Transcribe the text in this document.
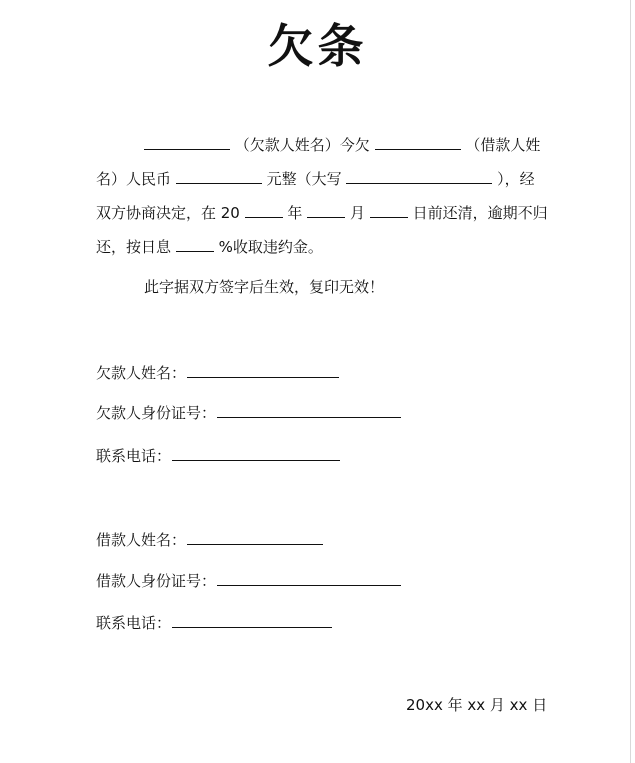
欠条
（欠款人姓名）今欠	（借款人姓
名）人民币	元整（大写	），经
双方协商决定，在 20	年	月	日前还清，逾期不归
还，按日息	%收取违约金。
此字据双方签字后生效，复印无效！
欠款人姓名：
欠款人身份证号：
联系电话：
借款人姓名：
借款人身份证号：
联系电话：
20xx 年 xx 月 xx 日
